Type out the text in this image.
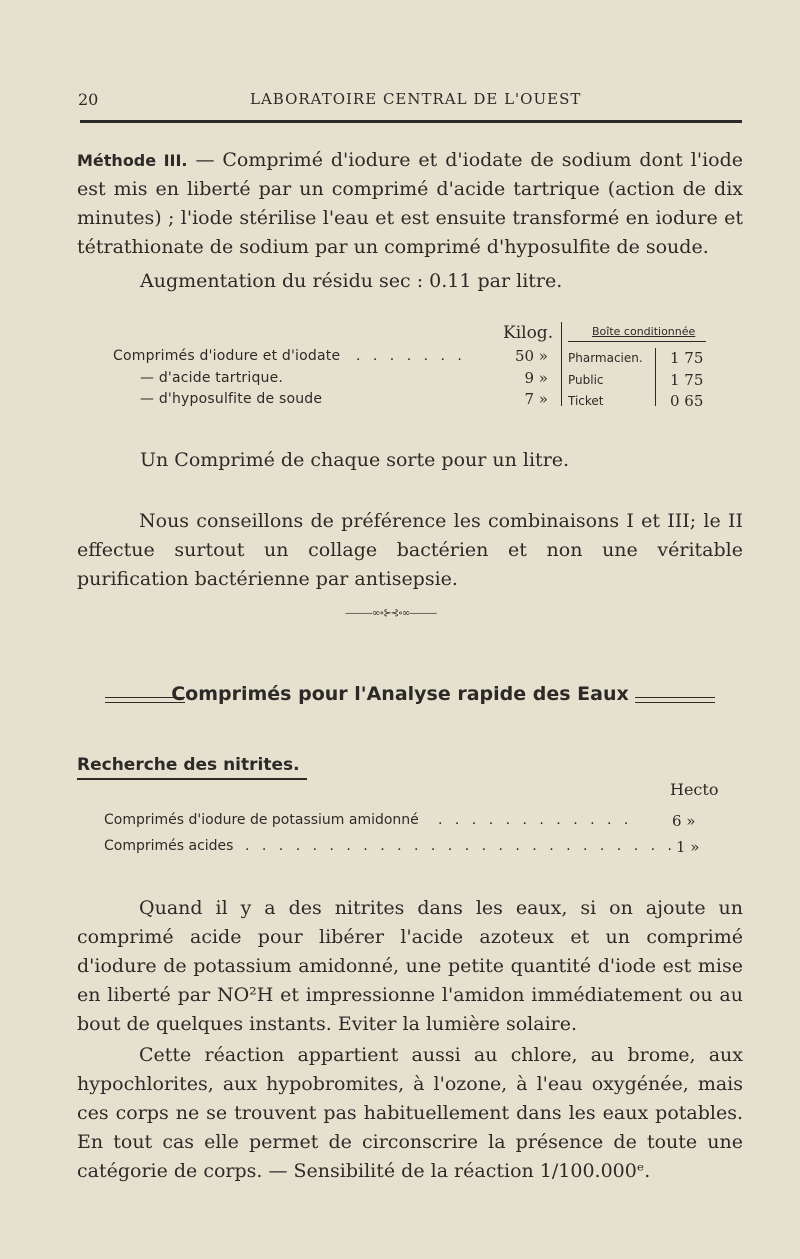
20	LABORATOIRE CENTRAL DE L'OUEST
Méthode III. — Comprimé d'iodure et d'iodate de sodium dont l'iode est mis en liberté par un comprimé d'acide tartrique (action de dix minutes) ; l'iode stérilise l'eau et est ensuite transformé en iodure et tétrathionate de sodium par un comprimé d'hyposulfite de soude.
Augmentation du résidu sec : 0.11 par litre.
Kilog.	Boîte conditionnée
Comprimés d'iodure et d'iodate . . . . . . .	50 » Pharmacien. 1 75
— d'acide tartrique.	9 » Public	1 75
— d'hyposulfite de soude	7 » Ticket	0 65
Un Comprimé de chaque sorte pour un litre.
Nous conseillons de préférence les combinaisons I et III; le II effectue surtout un collage bactérien et non une véritable purification bactérienne par antisepsie.
———∞∘⊱⊰∘∞———
Comprimés pour l'Analyse rapide des Eaux
Recherche des nitrites.
Hecto
Comprimés d'iodure de potassium amidonné . . . . . . . . . . . .	6 »
Comprimés acides . . . . . . . . . . . . . . . . . . . . . . . . . . 1 »
Quand il y a des nitrites dans les eaux, si on ajoute un comprimé acide pour libérer l'acide azoteux et un comprimé d'iodure de potassium amidonné, une petite quantité d'iode est mise en liberté par NO²H et impressionne l'amidon immédiatement ou au bout de quelques instants. Eviter la lumière solaire.
Cette réaction appartient aussi au chlore, au brome, aux hypochlorites, aux hypobromites, à l'ozone, à l'eau oxygénée, mais ces corps ne se trouvent pas habituellement dans les eaux potables. En tout cas elle permet de circonscrire la présence de toute une catégorie de corps. — Sensibilité de la réaction 1/100.000ᵉ.
